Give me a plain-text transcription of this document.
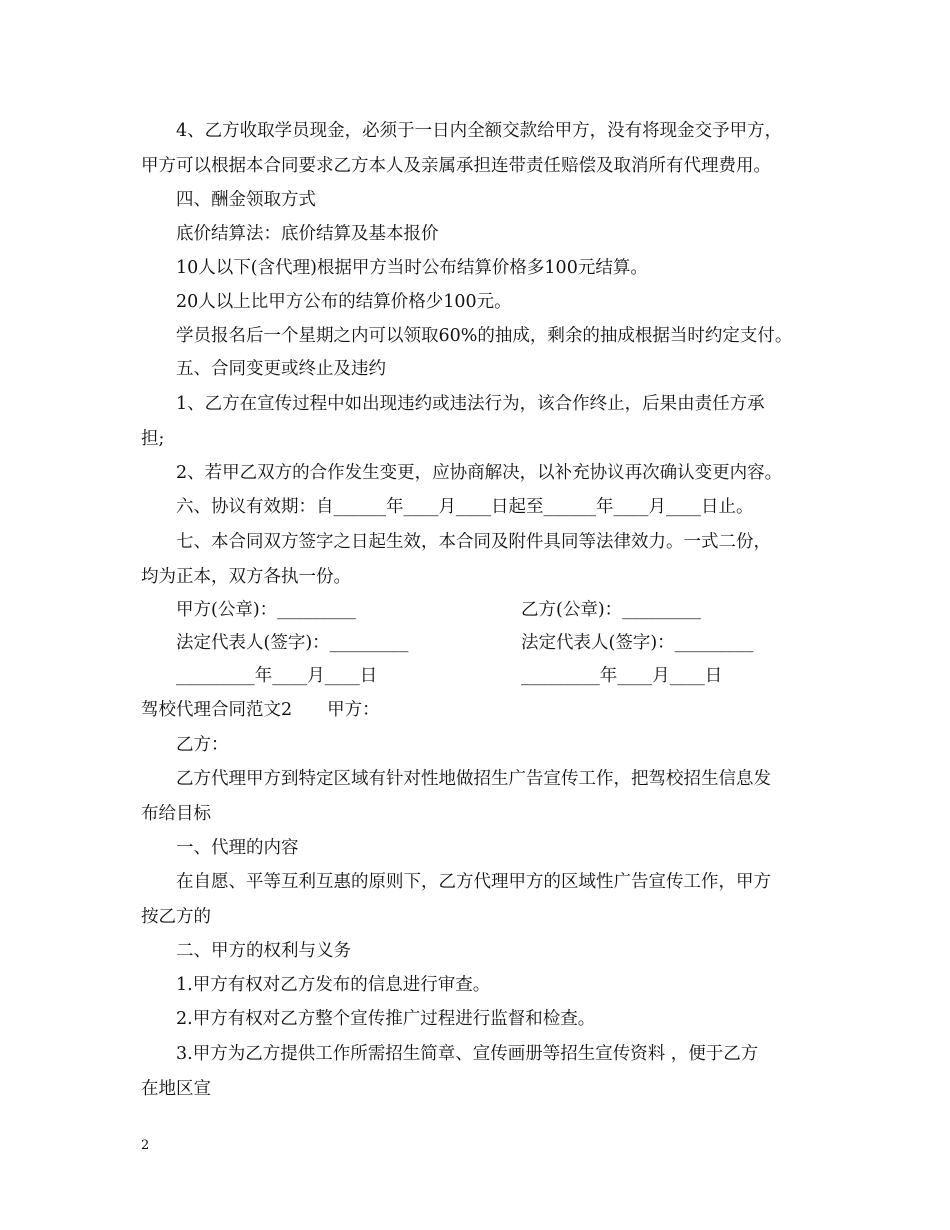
4、乙方收取学员现金，必须于一日内全额交款给甲方，没有将现金交予甲方，
甲方可以根据本合同要求乙方本人及亲属承担连带责任赔偿及取消所有代理费用。
四、酬金领取方式
底价结算法：底价结算及基本报价
10人以下(含代理)根据甲方当时公布结算价格多100元结算。
20人以上比甲方公布的结算价格少100元。
学员报名后一个星期之内可以领取60%的抽成，剩余的抽成根据当时约定支付。
五、合同变更或终止及违约
1、乙方在宣传过程中如出现违约或违法行为，该合作终止，后果由责任方承
担;
2、若甲乙双方的合作发生变更，应协商解决，以补充协议再次确认变更内容。
六、协议有效期：自______年____月____日起至______年____月____日止。
七、本合同双方签字之日起生效，本合同及附件具同等法律效力。一式二份，
均为正本，双方各执一份。
甲方(公章)：_________	乙方(公章)：_________
法定代表人(签字)：_________	法定代表人(签字)：_________
_________年____月____日	_________年____月____日
驾校代理合同范文2　　甲方：
乙方：
乙方代理甲方到特定区域有针对性地做招生广告宣传工作，把驾校招生信息发
布给目标
一、代理的内容
在自愿、平等互利互惠的原则下，乙方代理甲方的区域性广告宣传工作，甲方
按乙方的
二、甲方的权利与义务
1.甲方有权对乙方发布的信息进行审查。
2.甲方有权对乙方整个宣传推广过程进行监督和检查。
3.甲方为乙方提供工作所需招生简章、宣传画册等招生宣传资料 ，便于乙方
在地区宣
2
